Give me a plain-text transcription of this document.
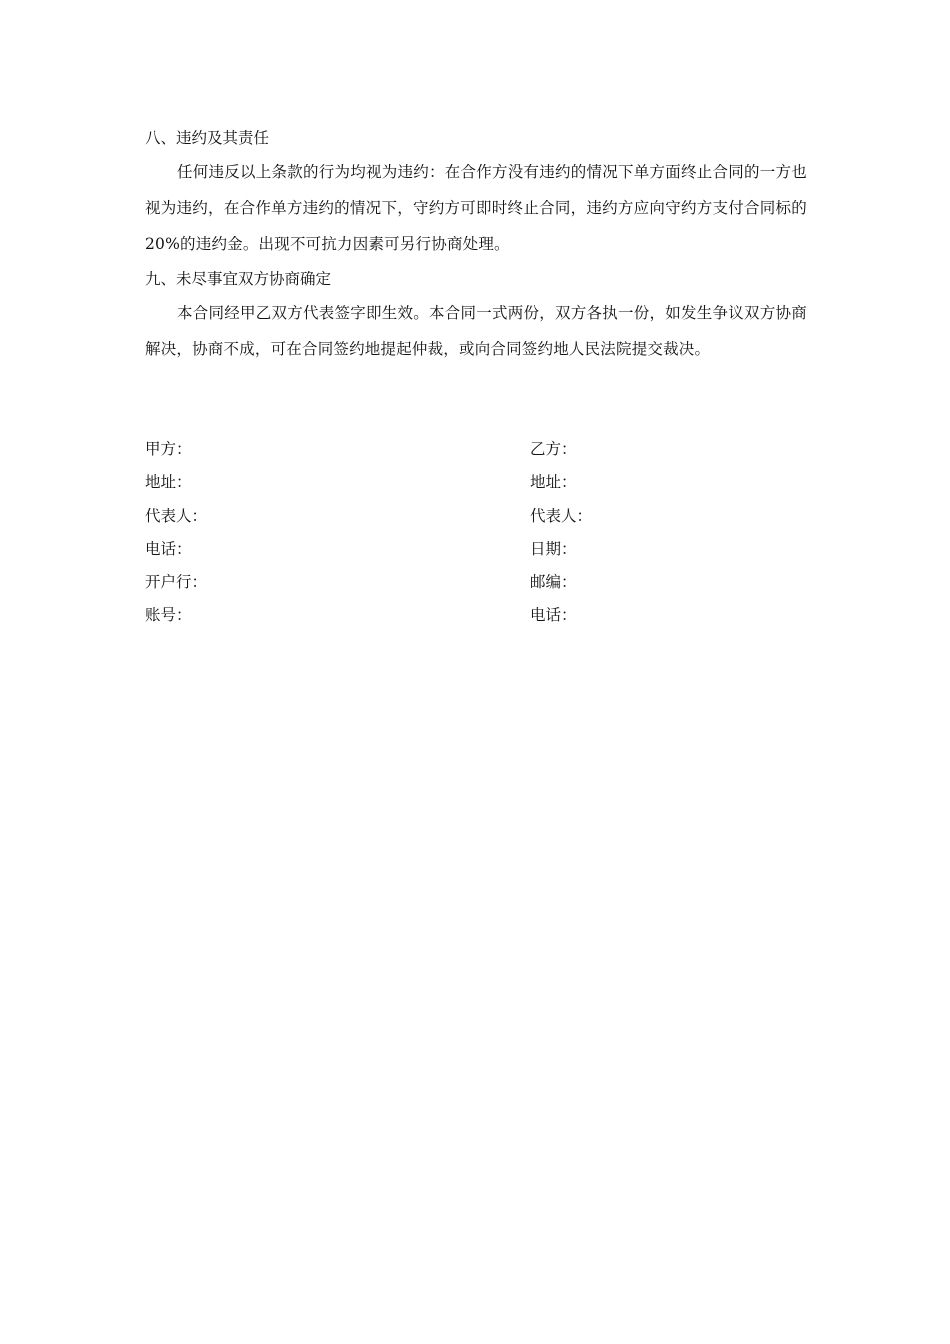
八、违约及其责任

任何违反以上条款的行为均视为违约：在合作方没有违约的情况下单方面终止合同的一方也视为违约，在合作单方违约的情况下，守约方可即时终止合同，违约方应向守约方支付合同标的 20%的违约金。出现不可抗力因素可另行协商处理。

九、未尽事宜双方协商确定

本合同经甲乙双方代表签字即生效。本合同一式两份，双方各执一份，如发生争议双方协商解决，协商不成，可在合同签约地提起仲裁，或向合同签约地人民法院提交裁决。

甲方：	乙方：
地址：	地址：
代表人：	代表人：
电话：	日期：
开户行：	邮编：
账号：	电话：
